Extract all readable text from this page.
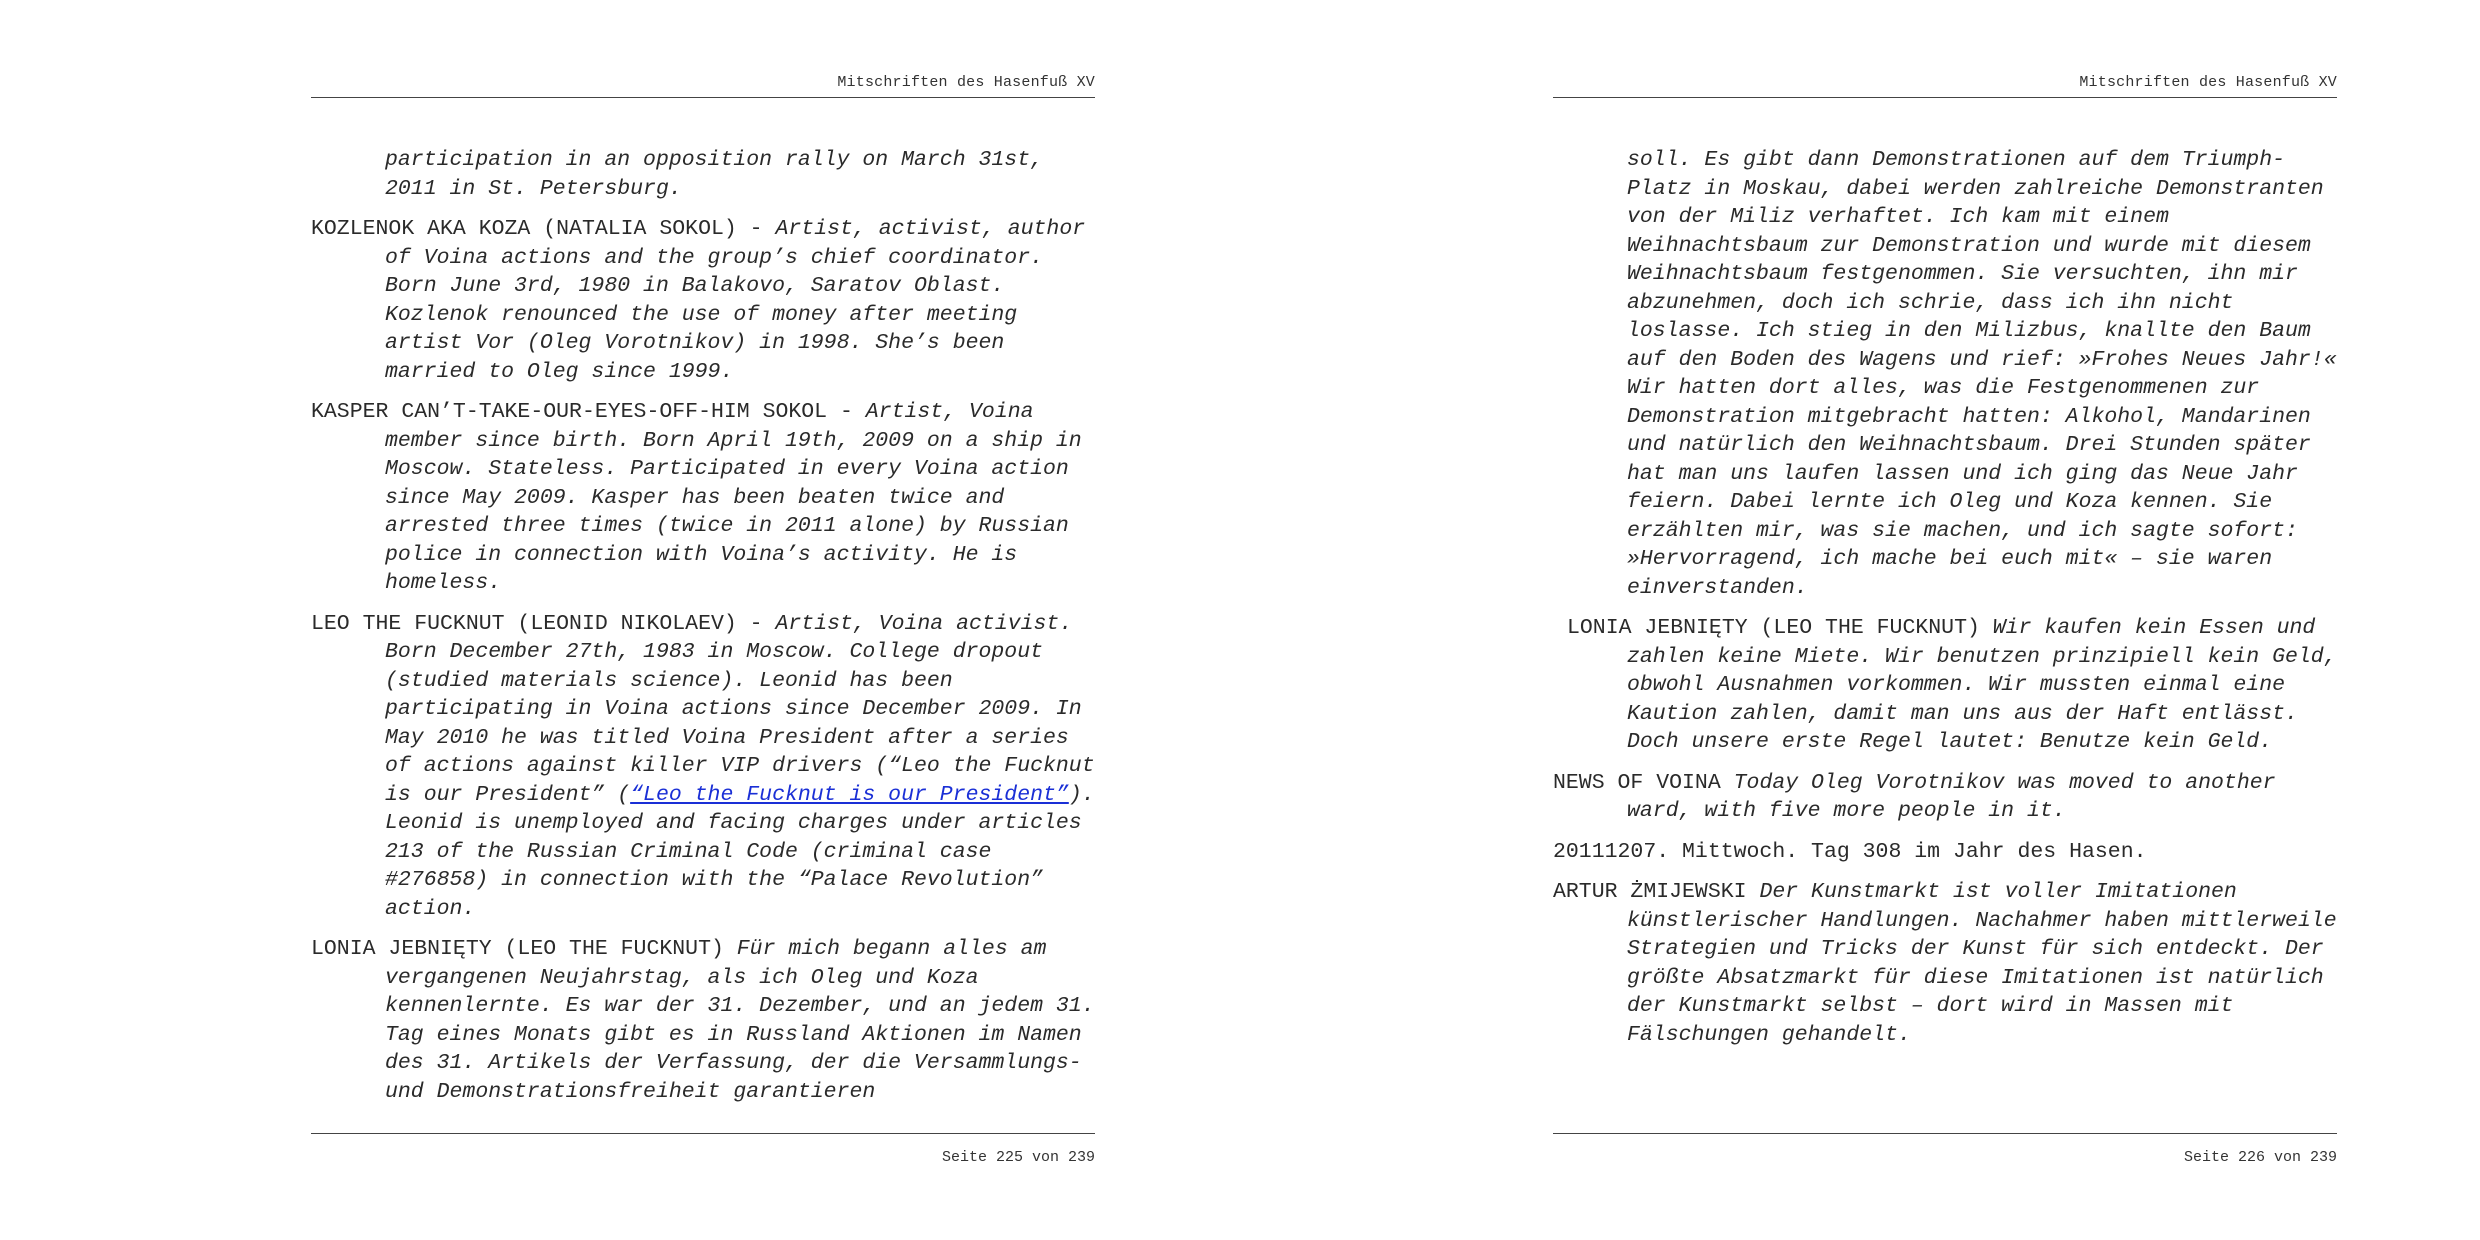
Mitschriften des Hasenfuß XV

participation in an opposition rally on March 31st, 2011 in St. Petersburg.

KOZLENOK AKA KOZA (NATALIA SOKOL) - Artist, activist, author of Voina actions and the group’s chief coordinator. Born June 3rd, 1980 in Balakovo, Saratov Oblast. Kozlenok renounced the use of money after meeting artist Vor (Oleg Vorotnikov) in 1998. She’s been married to Oleg since 1999.

KASPER CAN’T-TAKE-OUR-EYES-OFF-HIM SOKOL - Artist, Voina member since birth. Born April 19th, 2009 on a ship in Moscow. Stateless. Participated in every Voina action since May 2009. Kasper has been beaten twice and arrested three times (twice in 2011 alone) by Russian police in connection with Voina’s activity. He is homeless.

LEO THE FUCKNUT (LEONID NIKOLAEV) - Artist, Voina activist. Born December 27th, 1983 in Moscow. College dropout (studied materials science). Leonid has been participating in Voina actions since December 2009. In May 2010 he was titled Voina President after a series of actions against killer VIP drivers (“Leo the Fucknut is our President” (“Leo the Fucknut is our President”). Leonid is unemployed and facing charges under articles 213 of the Russian Criminal Code (criminal case #276858) in connection with the “Palace Revolution” action.

LONIA JEBNIĘTY (LEO THE FUCKNUT) Für mich begann alles am vergangenen Neujahrstag, als ich Oleg und Koza kennenlernte. Es war der 31. Dezember, und an jedem 31. Tag eines Monats gibt es in Russland Aktionen im Namen des 31. Artikels der Verfassung, der die Versammlungs- und Demonstrationsfreiheit garantieren

Seite 225 von 239
Mitschriften des Hasenfuß XV

soll. Es gibt dann Demonstrationen auf dem Triumph-Platz in Moskau, dabei werden zahlreiche Demonstranten von der Miliz verhaftet. Ich kam mit einem Weihnachtsbaum zur Demonstration und wurde mit diesem Weihnachtsbaum festgenommen. Sie versuchten, ihn mir abzunehmen, doch ich schrie, dass ich ihn nicht loslasse. Ich stieg in den Milizbus, knallte den Baum auf den Boden des Wagens und rief: »Frohes Neues Jahr!« Wir hatten dort alles, was die Festgenommenen zur Demonstration mitgebracht hatten: Alkohol, Mandarinen und natürlich den Weihnachtsbaum. Drei Stunden später hat man uns laufen lassen und ich ging das Neue Jahr feiern. Dabei lernte ich Oleg und Koza kennen. Sie erzählten mir, was sie machen, und ich sagte sofort: »Hervorragend, ich mache bei euch mit« – sie waren einverstanden.

LONIA JEBNIĘTY (LEO THE FUCKNUT) Wir kaufen kein Essen und zahlen keine Miete. Wir benutzen prinzipiell kein Geld, obwohl Ausnahmen vorkommen. Wir mussten einmal eine Kaution zahlen, damit man uns aus der Haft entlässt. Doch unsere erste Regel lautet: Benutze kein Geld.

NEWS OF VOINA Today Oleg Vorotnikov was moved to another ward, with five more people in it.

20111207. Mittwoch. Tag 308 im Jahr des Hasen.

ARTUR ŻMIJEWSKI Der Kunstmarkt ist voller Imitationen künstlerischer Handlungen. Nachahmer haben mittlerweile Strategien und Tricks der Kunst für sich entdeckt. Der größte Absatzmarkt für diese Imitationen ist natürlich der Kunstmarkt selbst – dort wird in Massen mit Fälschungen gehandelt.

Seite 226 von 239
